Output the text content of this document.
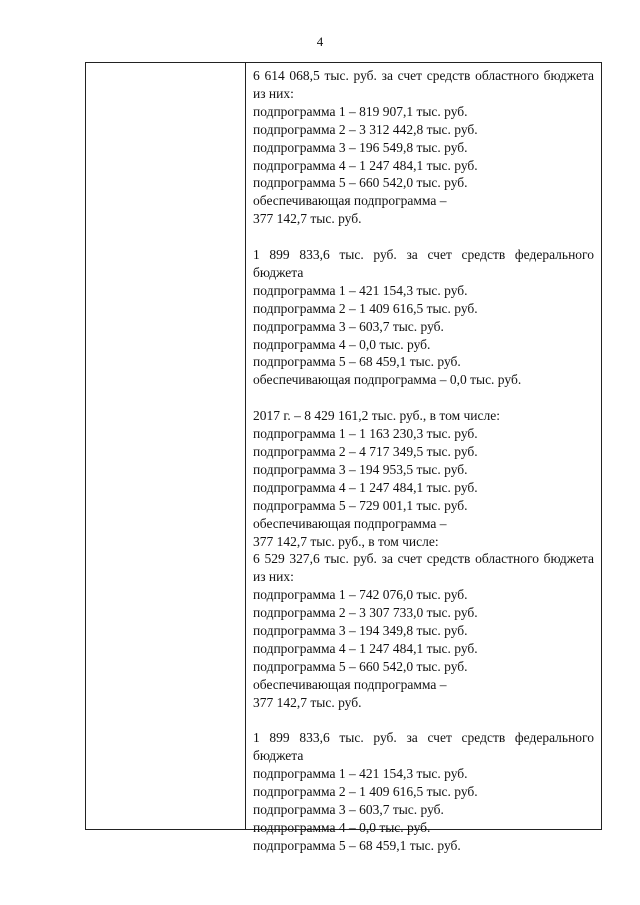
4
6 614 068,5 тыс. руб. за счет средств областного бюджета из них:
подпрограмма 1 – 819 907,1 тыс. руб.
подпрограмма 2 – 3 312 442,8 тыс. руб.
подпрограмма 3 – 196 549,8 тыс. руб.
подпрограмма 4 – 1 247 484,1 тыс. руб.
подпрограмма 5 – 660 542,0 тыс. руб.
обеспечивающая подпрограмма –
377 142,7 тыс. руб.
1 899 833,6 тыс. руб. за счет средств федерального бюджета
подпрограмма 1 – 421 154,3 тыс. руб.
подпрограмма 2 – 1 409 616,5 тыс. руб.
подпрограмма 3 – 603,7 тыс. руб.
подпрограмма 4 – 0,0 тыс. руб.
подпрограмма 5 – 68 459,1 тыс. руб.
обеспечивающая подпрограмма – 0,0 тыс. руб.
2017 г. – 8 429 161,2 тыс. руб., в том числе:
подпрограмма 1 – 1 163 230,3 тыс. руб.
подпрограмма 2 – 4 717 349,5 тыс. руб.
подпрограмма 3 – 194 953,5 тыс. руб.
подпрограмма 4 – 1 247 484,1 тыс. руб.
подпрограмма 5 – 729 001,1 тыс. руб.
обеспечивающая подпрограмма –
377 142,7 тыс. руб., в том числе:
6 529 327,6 тыс. руб. за счет средств областного бюджета из них:
подпрограмма 1 – 742 076,0 тыс. руб.
подпрограмма 2 – 3 307 733,0 тыс. руб.
подпрограмма 3 – 194 349,8 тыс. руб.
подпрограмма 4 – 1 247 484,1 тыс. руб.
подпрограмма 5 – 660 542,0 тыс. руб.
обеспечивающая подпрограмма –
377 142,7 тыс. руб.
1 899 833,6 тыс. руб. за счет средств федерального бюджета
подпрограмма 1 – 421 154,3 тыс. руб.
подпрограмма 2 – 1 409 616,5 тыс. руб.
подпрограмма 3 – 603,7 тыс. руб.
подпрограмма 4 – 0,0 тыс. руб.
подпрограмма 5 – 68 459,1 тыс. руб.
